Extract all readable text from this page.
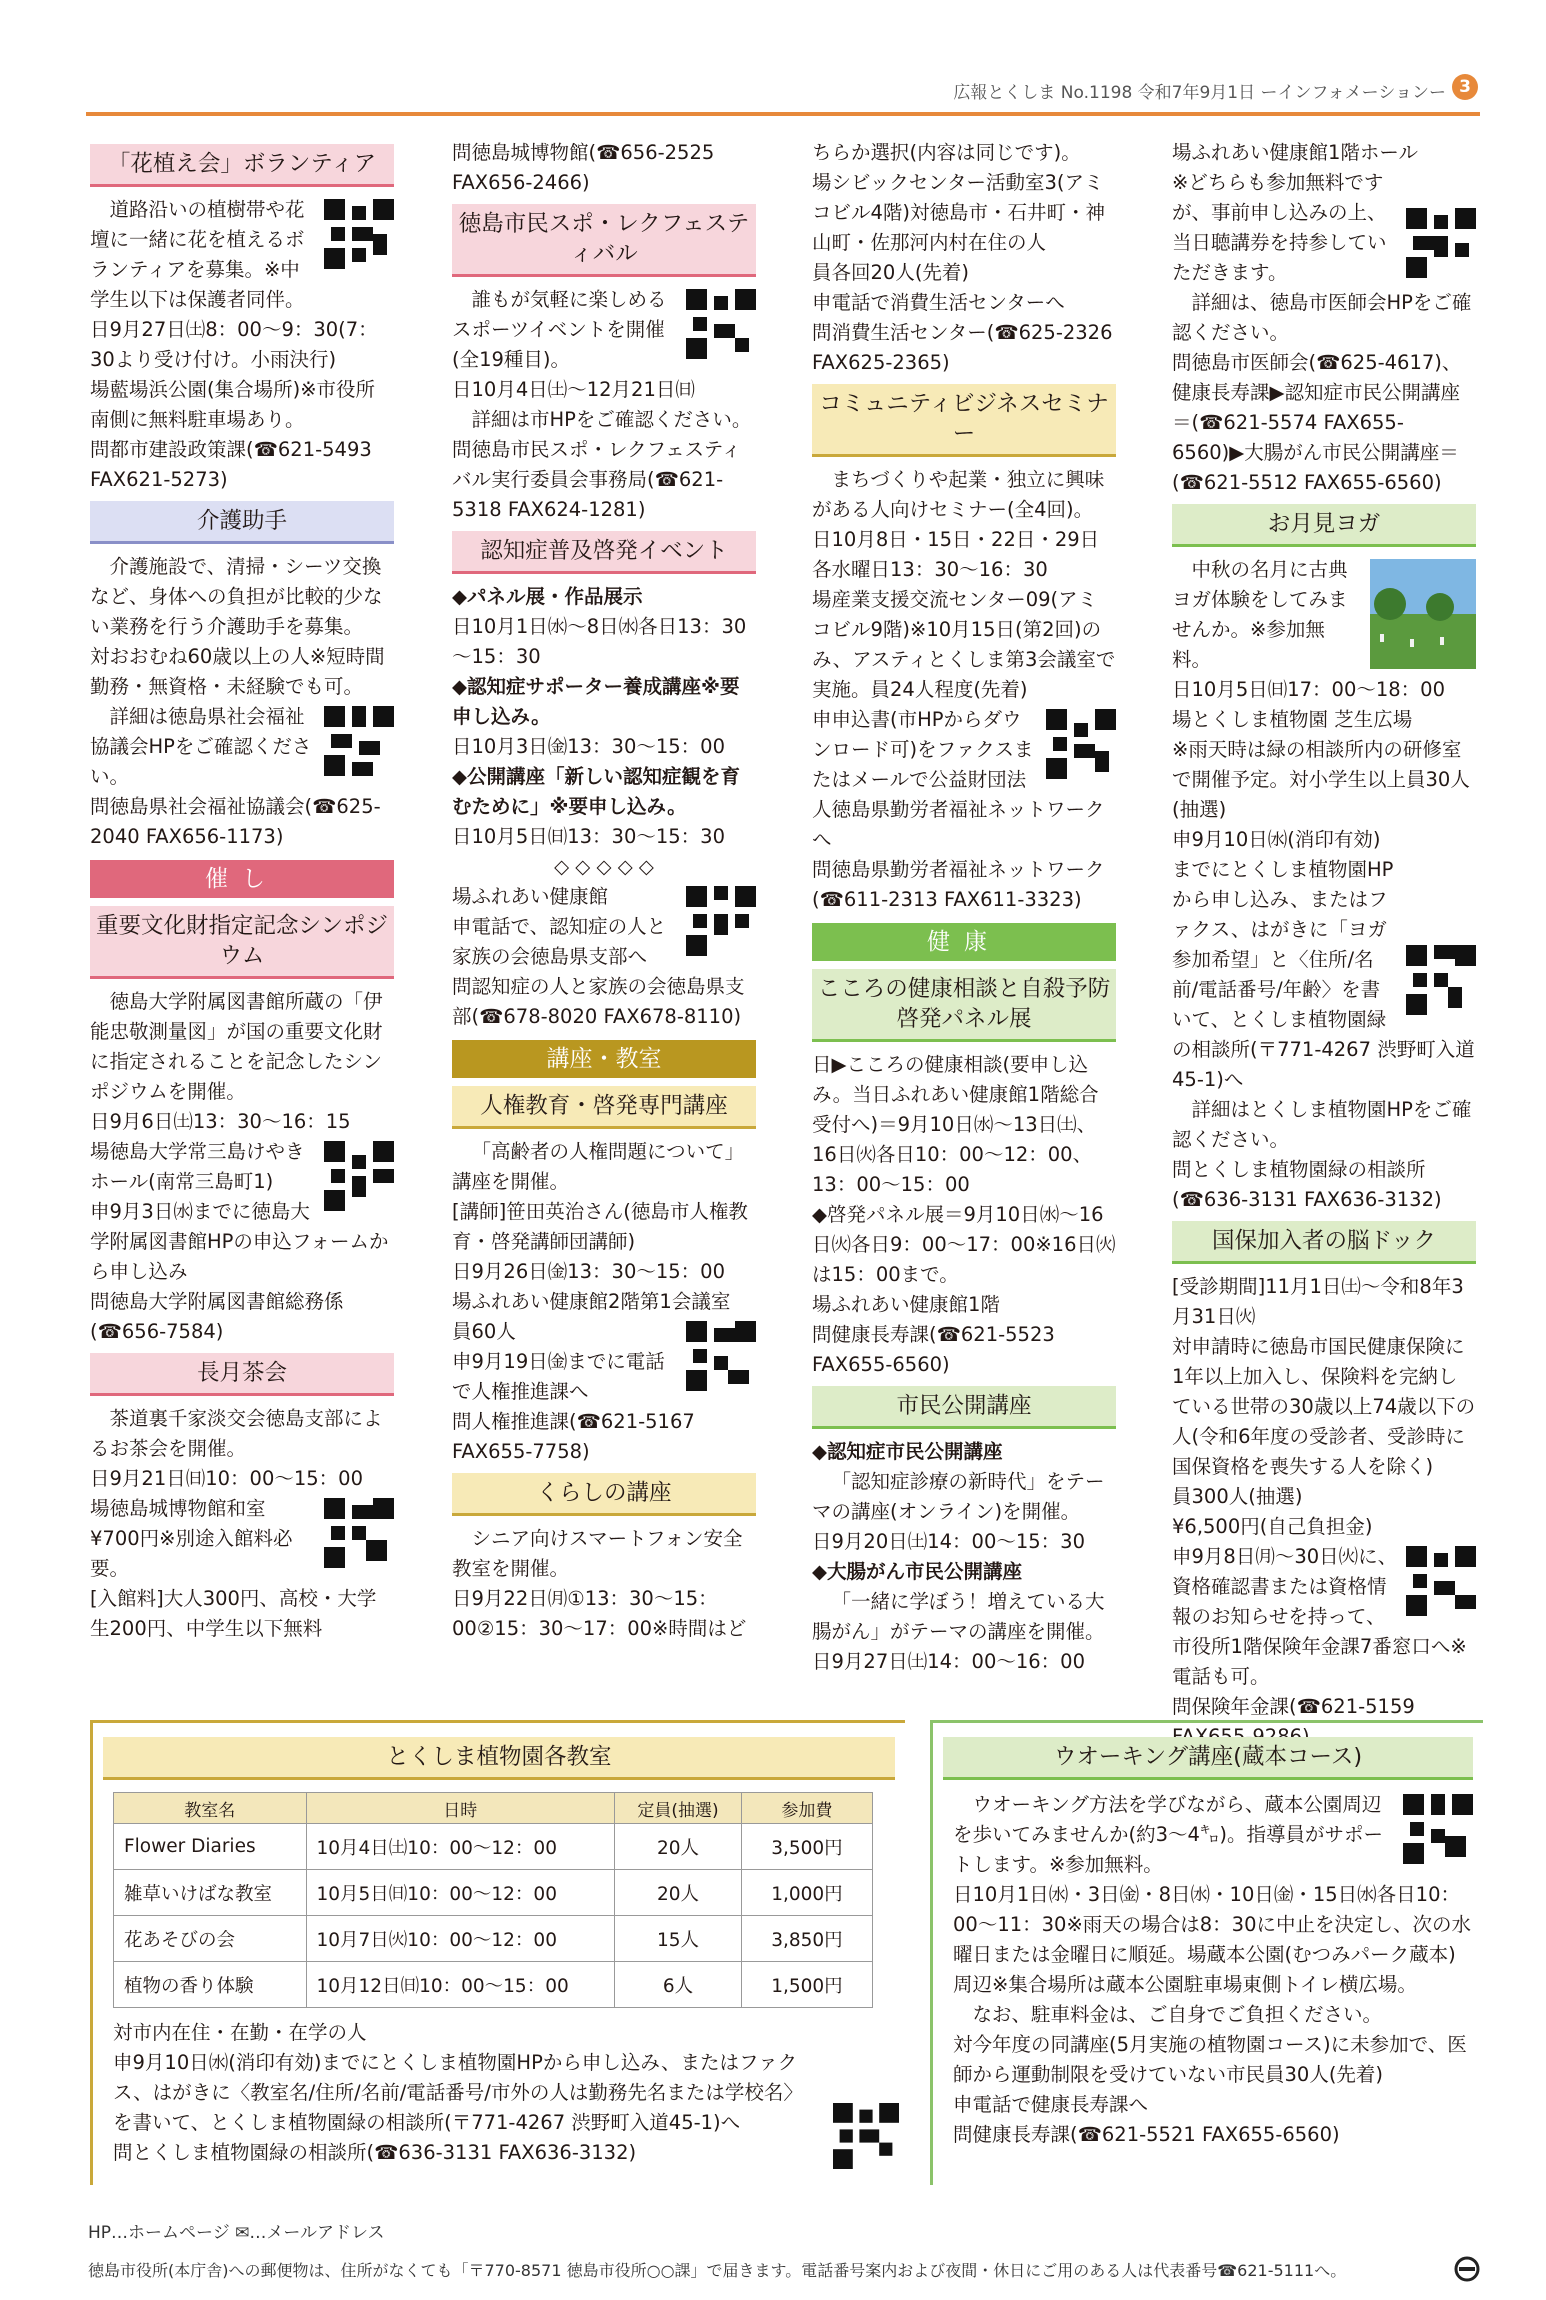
広報とくしま No.1198 令和7年9月1日 ーインフォメーションー 3
「花植え会」ボランティア

道路沿いの植樹帯や花壇に一緒に花を植えるボランティアを募集。※中学生以下は保護者同伴。

日9月27日㈯8：00～9：30(7：30より受け付け。小雨決行)

場藍場浜公園(集合場所)※市役所南側に無料駐車場あり。

問都市建設政策課(☎621-5493 FAX621-5273)

介護助手

介護施設で、清掃・シーツ交換など、身体への負担が比較的少ない業務を行う介護助手を募集。

対おおむね60歳以上の人※短時間勤務・無資格・未経験でも可。

詳細は徳島県社会福祉協議会HPをご確認ください。

問徳島県社会福祉協議会(☎625-2040 FAX656-1173)

催し
重要文化財指定記念シンポジウム

徳島大学附属図書館所蔵の「伊能忠敬測量図」が国の重要文化財に指定されることを記念したシンポジウムを開催。

日9月6日㈯13：30～16：15

場徳島大学常三島けやきホール(南常三島町1)

申9月3日㈬までに徳島大学附属図書館HPの申込フォームから申し込み

問徳島大学附属図書館総務係(☎656-7584)

長月茶会

茶道裏千家淡交会徳島支部によるお茶会を開催。

日9月21日㈰10：00～15：00

場徳島城博物館和室

¥700円※別途入館料必要。

[入館料]大人300円、高校・大学生200円、中学生以下無料

問徳島城博物館(☎656-2525 FAX656-2466)

徳島市民スポ・レクフェスティバル

誰もが気軽に楽しめるスポーツイベントを開催(全19種目)。

日10月4日㈯～12月21日㈰

詳細は市HPをご確認ください。

問徳島市民スポ・レクフェスティバル実行委員会事務局(☎621-5318 FAX624-1281)

認知症普及啓発イベント

◆パネル展・作品展示

日10月1日㈬～8日㈬各日13：30～15：30

◆認知症サポーター養成講座※要申し込み。

日10月3日㈮13：30～15：00

◆公開講座「新しい認知症観を育むために」※要申し込み。

日10月5日㈰13：30～15：30

◇ ◇ ◇ ◇ ◇

場ふれあい健康館

申電話で、認知症の人と家族の会徳島県支部へ

問認知症の人と家族の会徳島県支部(☎678-8020 FAX678-8110)

講座・教室
人権教育・啓発専門講座

「高齢者の人権問題について」講座を開催。

[講師]笹田英治さん(徳島市人権教育・啓発講師団講師)

日9月26日㈮13：30～15：00

場ふれあい健康館2階第1会議室

員60人

申9月19日㈮までに電話で人権推進課へ

問人権推進課(☎621-5167 FAX655-7758)

くらしの講座

シニア向けスマートフォン安全教室を開催。

日9月22日㈪①13：30～15：00②15：30～17：00※時間はど

ちらか選択(内容は同じです)。

場シビックセンター活動室3(アミコビル4階)対徳島市・石井町・神山町・佐那河内村在住の人

員各回20人(先着)

申電話で消費生活センターへ

問消費生活センター(☎625-2326 FAX625-2365)

コミュニティビジネスセミナー

まちづくりや起業・独立に興味がある人向けセミナー(全4回)。

日10月8日・15日・22日・29日各水曜日13：30～16：30

場産業支援交流センター09(アミコビル9階)※10月15日(第2回)のみ、アスティとくしま第3会議室で実施。員24人程度(先着)

申申込書(市HPからダウンロード可)をファクスまたはメールで公益財団法人徳島県勤労者福祉ネットワークへ

問徳島県勤労者福祉ネットワーク(☎611-2313 FAX611-3323)

健康
こころの健康相談と自殺予防啓発パネル展

日▶こころの健康相談(要申し込み。当日ふれあい健康館1階総合受付へ)＝9月10日㈬～13日㈯、16日㈫各日10：00～12：00、13：00～15：00

◆啓発パネル展＝9月10日㈬～16日㈫各日9：00～17：00※16日㈫は15：00まで。

場ふれあい健康館1階

問健康長寿課(☎621-5523 FAX655-6560)

市民公開講座

◆認知症市民公開講座

「認知症診療の新時代」をテーマの講座(オンライン)を開催。

日9月20日㈯14：00～15：30

◆大腸がん市民公開講座

「一緒に学ぼう！増えている大腸がん」がテーマの講座を開催。

日9月27日㈯14：00～16：00

場ふれあい健康館1階ホール

※どちらも参加無料ですが、事前申し込みの上、当日聴講券を持参していただきます。

詳細は、徳島市医師会HPをご確認ください。

問徳島市医師会(☎625-4617)、健康長寿課▶認知症市民公開講座＝(☎621-5574 FAX655-6560)▶大腸がん市民公開講座＝(☎621-5512 FAX655-6560)

お月見ヨガ

中秋の名月に古典ヨガ体験をしてみませんか。※参加無料。

日10月5日㈰17：00～18：00

場とくしま植物園 芝生広場

※雨天時は緑の相談所内の研修室で開催予定。対小学生以上員30人(抽選)

申9月10日㈬(消印有効)までにとくしま植物園HPから申し込み、またはファクス、はがきに「ヨガ参加希望」と〈住所/名前/電話番号/年齢〉を書いて、とくしま植物園緑の相談所(〒771-4267 渋野町入道45-1)へ

詳細はとくしま植物園HPをご確認ください。

問とくしま植物園緑の相談所(☎636-3131 FAX636-3132)

国保加入者の脳ドック

[受診期間]11月1日㈯～令和8年3月31日㈫

対申請時に徳島市国民健康保険に1年以上加入し、保険料を完納している世帯の30歳以上74歳以下の人(令和6年度の受診者、受診時に国保資格を喪失する人を除く)

員300人(抽選)

¥6,500円(自己負担金)

申9月8日㈪～30日㈫に、資格確認書または資格情報のお知らせを持って、市役所1階保険年金課7番窓口へ※電話も可。

問保険年金課(☎621-5159

とくしま植物園各教室
教室名	日時	定員(抽選)	参加費
Flower Diaries	10月4日㈯10：00～12：00	20人	3,500円
雑草いけばな教室	10月5日㈰10：00～12：00	20人	1,000円
花あそびの会	10月7日㈫10：00～12：00	15人	3,850円
植物の香り体験	10月12日㈰10：00～15：00	6人	1,500円

対市内在住・在勤・在学の人

申9月10日㈬(消印有効)までにとくしま植物園HPから申し込み、またはファクス、はがきに〈教室名/住所/名前/電話番号/市外の人は勤務先名または学校名〉を書いて、とくしま植物園緑の相談所(〒771-4267 渋野町入道45-1)へ

問とくしま植物園緑の相談所(☎636-3131 FAX636-3132)

ウオーキング講座(蔵本コース)

ウオーキング方法を学びながら、蔵本公園周辺を歩いてみませんか(約3～4㌔)。指導員がサポートします。※参加無料。

日10月1日㈬・3日㈮・8日㈬・10日㈮・15日㈬各日10：00～11：30※雨天の場合は8：30に中止を決定し、次の水曜日または金曜日に順延。場蔵本公園(むつみパーク蔵本)周辺※集合場所は蔵本公園駐車場東側トイレ横広場。

なお、駐車料金は、ご自身でご負担ください。

対今年度の同講座(5月実施の植物園コース)に未参加で、医師から運動制限を受けていない市民員30人(先着)

申電話で健康長寿課へ

問健康長寿課(☎621-5521 FAX655-6560)

HP…ホームページ ✉…メールアドレス
徳島市役所(本庁舎)への郵便物は、住所がなくても「〒770-8571 徳島市役所○○課」で届きます。電話番号案内および夜間・休日にご用のある人は代表番号☎621-5111へ。
